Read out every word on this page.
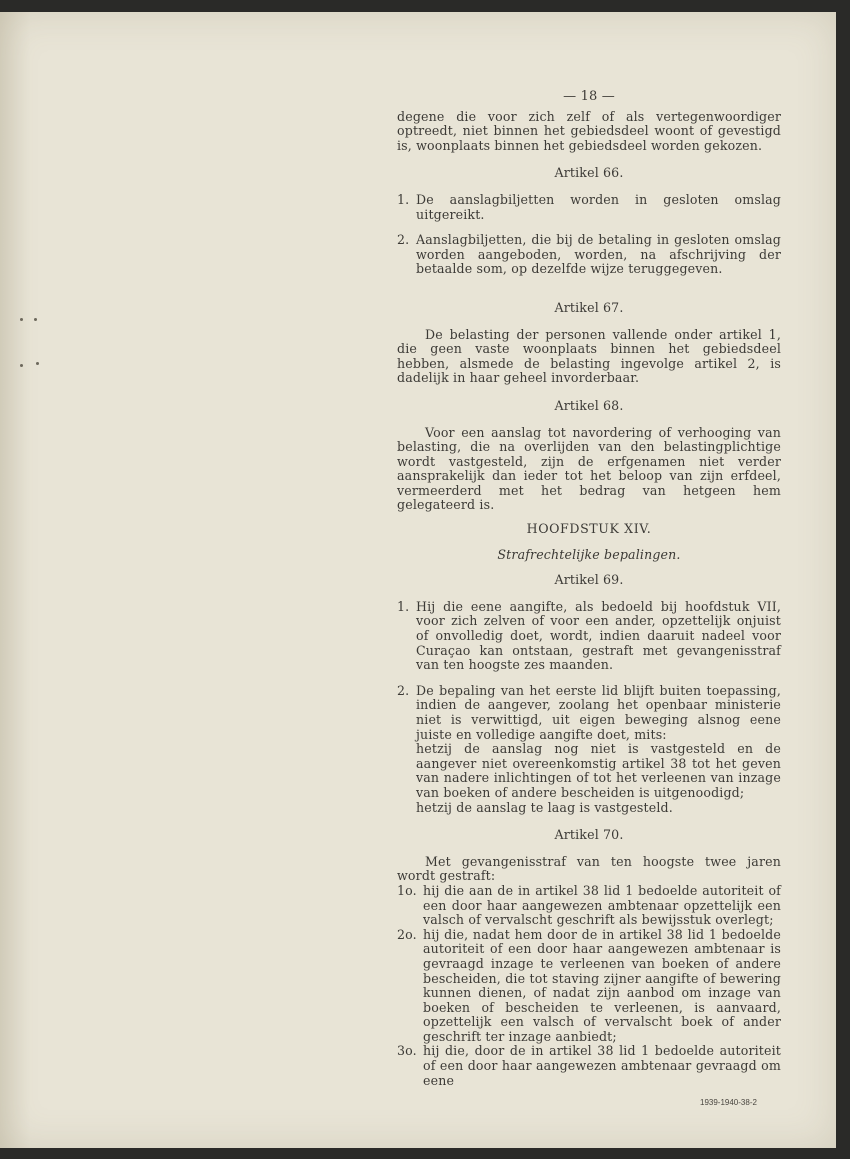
— 18 —

degene die voor zich zelf of als vertegenwoordiger optreedt, niet binnen het gebiedsdeel woont of gevestigd is, woonplaats binnen het gebiedsdeel worden gekozen.

Artikel 66.

1. De aanslagbiljetten worden in gesloten omslag uitgereikt.
2. Aanslagbiljetten, die bij de betaling in gesloten omslag worden aangeboden, worden, na afschrijving der betaalde som, op dezelfde wijze teruggegeven.

Artikel 67.

De belasting der personen vallende onder artikel 1, die geen vaste woonplaats binnen het gebiedsdeel hebben, alsmede de belasting ingevolge artikel 2, is dadelijk in haar geheel invorderbaar.

Artikel 68.

Voor een aanslag tot navordering of verhooging van belasting, die na overlijden van den belastingplichtige wordt vastgesteld, zijn de erfgenamen niet verder aansprakelijk dan ieder tot het beloop van zijn erfdeel, vermeerderd met het bedrag van hetgeen hem gelegateerd is.

HOOFDSTUK XIV.

Strafrechtelijke bepalingen.

Artikel 69.

1. Hij die eene aangifte, als bedoeld bij hoofdstuk VII, voor zich zelven of voor een ander, opzettelijk onjuist of onvolledig doet, wordt, indien daaruit nadeel voor Curaçao kan ontstaan, gestraft met gevangenisstraf van ten hoogste zes maanden.
2. De bepaling van het eerste lid blijft buiten toepassing, indien de aangever, zoolang het openbaar ministerie niet is verwittigd, uit eigen beweging alsnog eene juiste en volledige aangifte doet, mits:

hetzij de aanslag nog niet is vastgesteld en de aangever niet overeenkomstig artikel 38 tot het geven van nadere inlichtingen of tot het verleenen van inzage van boeken of andere bescheiden is uitgenoodigd;

hetzij de aanslag te laag is vastgesteld.

Artikel 70.

Met gevangenisstraf van ten hoogste twee jaren wordt gestraft:

1o. hij die aan de in artikel 38 lid 1 bedoelde autoriteit of een door haar aangewezen ambtenaar opzettelijk een valsch of vervalscht geschrift als bewijsstuk overlegt;
2o. hij die, nadat hem door de in artikel 38 lid 1 bedoelde autoriteit of een door haar aangewezen ambtenaar is gevraagd inzage te verleenen van boeken of andere bescheiden, die tot staving zijner aangifte of bewering kunnen dienen, of nadat zijn aanbod om inzage van boeken of bescheiden te verleenen, is aanvaard, opzettelijk een valsch of vervalscht boek of ander geschrift ter inzage aanbiedt;
3o. hij die, door de in artikel 38 lid 1 bedoelde autoriteit of een door haar aangewezen ambtenaar gevraagd om eene
1939-1940-38-2
